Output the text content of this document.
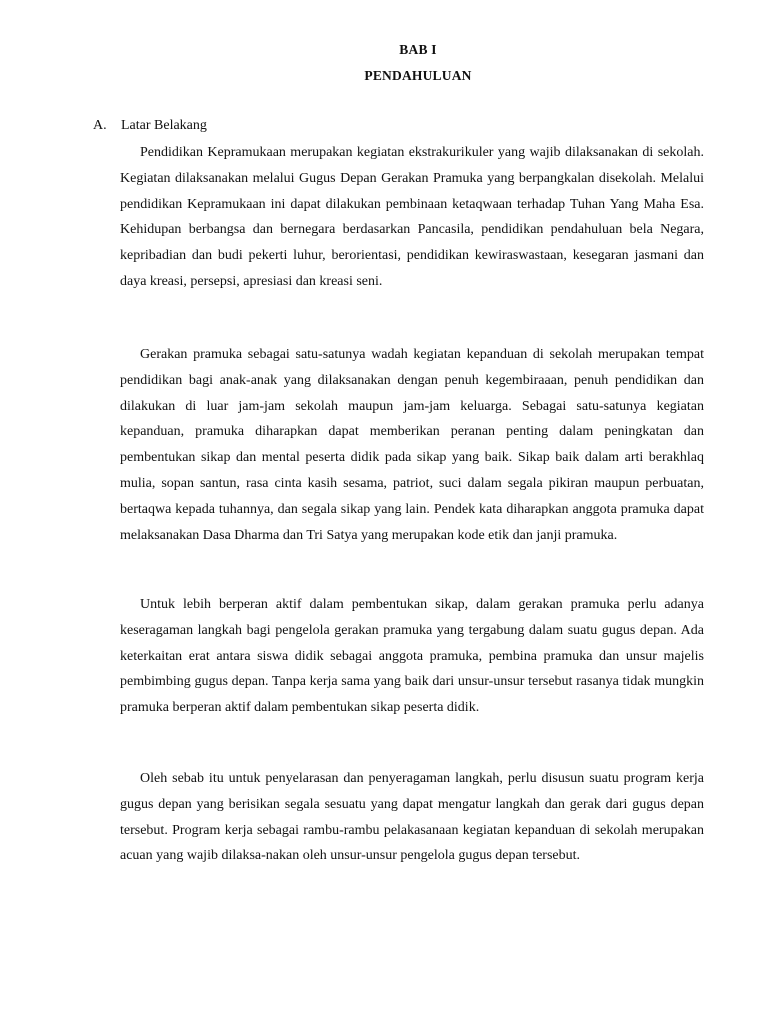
BAB I
PENDAHULUAN
A. Latar Belakang

Pendidikan Kepramukaan merupakan kegiatan ekstrakurikuler yang wajib dilaksanakan di sekolah. Kegiatan dilaksanakan melalui Gugus Depan Gerakan Pramuka yang berpangkalan disekolah. Melalui pendidikan Kepramukaan ini dapat dilakukan pembinaan ketaqwaan terhadap Tuhan Yang Maha Esa. Kehidupan berbangsa dan bernegara berdasarkan Pancasila, pendidikan pendahuluan bela Negara, kepribadian dan budi pekerti luhur, berorientasi, pendidikan kewiraswastaan, kesegaran jasmani dan daya kreasi, persepsi, apresiasi dan kreasi seni.

Gerakan pramuka sebagai satu-satunya wadah kegiatan kepanduan di sekolah merupakan tempat pendidikan bagi anak-anak yang dilaksanakan dengan penuh kegembiraaan, penuh pendidikan dan dilakukan di luar jam-jam sekolah maupun jam-jam keluarga. Sebagai satu-satunya kegiatan kepanduan, pramuka diharapkan dapat memberikan peranan penting dalam peningkatan dan pembentukan sikap dan mental peserta didik pada sikap yang baik. Sikap baik dalam arti berakhlaq mulia, sopan santun, rasa cinta kasih sesama, patriot, suci dalam segala pikiran maupun perbuatan, bertaqwa kepada tuhannya, dan segala sikap yang lain. Pendek kata diharapkan anggota pramuka dapat melaksanakan Dasa Dharma dan Tri Satya yang merupakan kode etik dan janji pramuka.

Untuk lebih berperan aktif dalam pembentukan sikap, dalam gerakan pramuka perlu adanya keseragaman langkah bagi pengelola gerakan pramuka yang tergabung dalam suatu gugus depan. Ada keterkaitan erat antara siswa didik sebagai anggota pramuka, pembina pramuka dan unsur majelis pembimbing gugus depan. Tanpa kerja sama yang baik dari unsur-unsur tersebut rasanya tidak mungkin pramuka berperan aktif dalam pembentukan sikap peserta didik.

Oleh sebab itu untuk penyelarasan dan penyeragaman langkah, perlu disusun suatu program kerja gugus depan yang berisikan segala sesuatu yang dapat mengatur langkah dan gerak dari gugus depan tersebut. Program kerja sebagai rambu-rambu pelakasanaan kegiatan kepanduan di sekolah merupakan acuan yang wajib dilaksa-nakan oleh unsur-unsur pengelola gugus depan tersebut.
